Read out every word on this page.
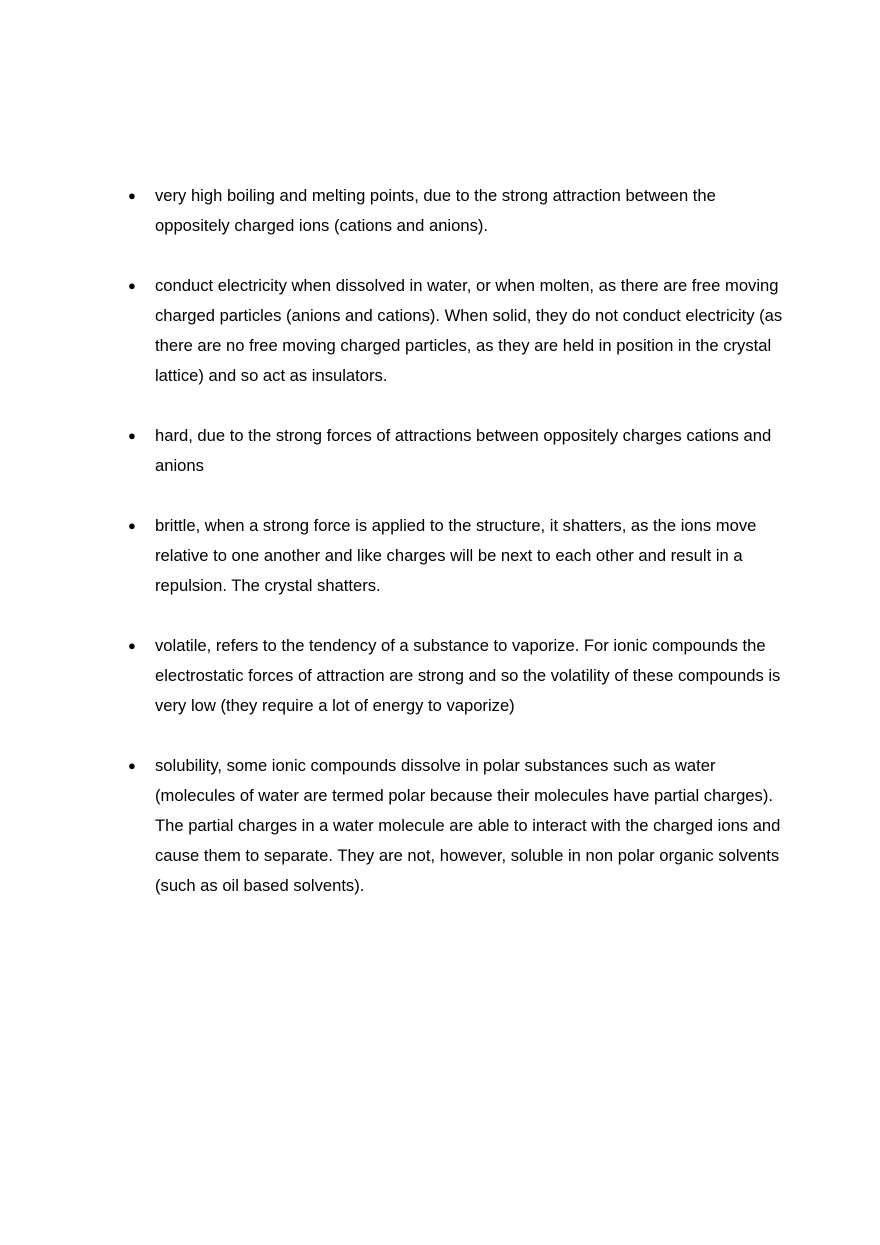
● very high boiling and melting points, due to the strong attraction between the oppositely charged ions (cations and anions).
● conduct electricity when dissolved in water, or when molten, as there are free moving charged particles (anions and cations). When solid, they do not conduct electricity (as there are no free moving charged particles, as they are held in position in the crystal lattice) and so act as insulators.
● hard, due to the strong forces of attractions between oppositely charges cations and anions
● brittle, when a strong force is applied to the structure, it shatters, as the ions move relative to one another and like charges will be next to each other and result in a repulsion. The crystal shatters.
● volatile, refers to the tendency of a substance to vaporize. For ionic compounds the electrostatic forces of attraction are strong and so the volatility of these compounds is very low (they require a lot of energy to vaporize)
● solubility, some ionic compounds dissolve in polar substances such as water (molecules of water are termed polar because their molecules have partial charges). The partial charges in a water molecule are able to interact with the charged ions and cause them to separate. They are not, however, soluble in non polar organic solvents (such as oil based solvents).
